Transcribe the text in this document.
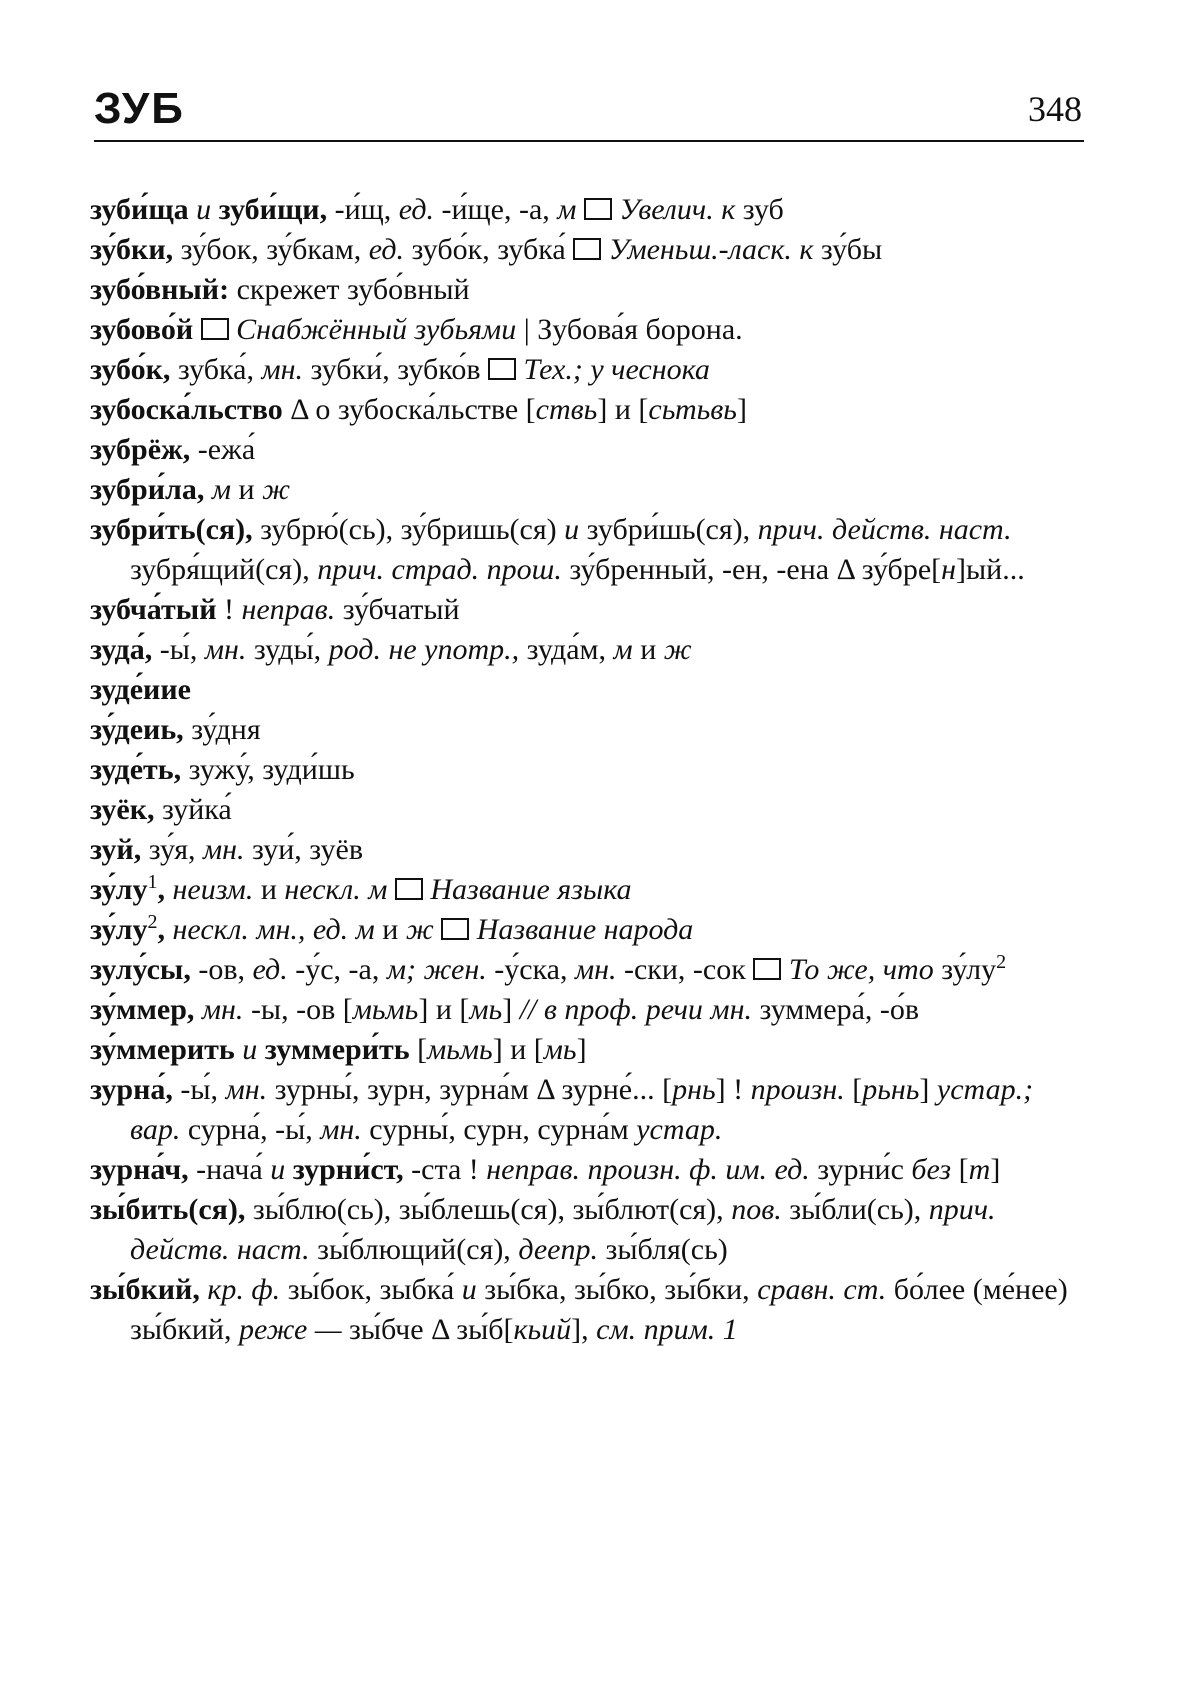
ЗУБ	348
зуби́ща и зуби́щи, -и́щ, ед. -и́ще, -а, м  Увелич. к зуб
зу́бки, зу́бок, зу́бкам, ед. зубо́к, зубка́  Уменьш.-ласк. к зу́бы
зубо́вный: скрежет зубо́вный
зубово́й  Снабжённый зубьями | Зубова́я борона.
зубо́к, зубка́, мн. зубки́, зубко́в  Тех.; у чеснока
зубоска́льство Δ о зубоска́льстве [ствь] и [сьтьвь]
зубрёж, -ежа́
зубри́ла, м и ж
зубри́ть(ся), зубрю́(сь), зу́бришь(ся) и зубри́шь(ся), прич. действ. наст. зубря́щий(ся), прич. страд. прош. зу́бренный, -ен, -ена Δ зу́бре[н]ый...
зубча́тый ! неправ. зу́бчатый
зуда́, -ы́, мн. зуды́, род. не употр., зуда́м, м и ж
зуде́иие
зу́деиь, зу́дня
зуде́ть, зужу́, зуди́шь
зуёк, зуйка́
зуй, зу́я, мн. зуи́, зуёв
$зу́лу^1$, неизм. и нескл. м  Название языка
$зу́лу^2$, нескл. мн., ед. м и ж  Название народа
зулу́сы, -ов, ед. -у́с, -а, м; жен. -у́ска, мн. -ски, -сок  То же, что $зу́лу^2$
зу́ммер, мн. -ы, -ов [мьмь] и [мь] // в проф. речи мн. зуммера́, -о́в
зу́ммерить и зуммери́ть [мьмь] и [мь]
зурна́, -ы́, мн. зурны́, зурн, зурна́м Δ зурне́... [рнь] ! произн. [рьнь] устар.; вар. сурна́, -ы́, мн. сурны́, сурн, сурна́м устар.
зурна́ч, -нача́ и зурни́ст, -ста ! неправ. произн. ф. им. ед. зурни́с без [т]
зы́бить(ся), зы́блю(сь), зы́блешь(ся), зы́блют(ся), пов. зы́бли(сь), прич. действ. наст. зы́блющий(ся), деепр. зы́бля(сь)
зы́бкий, кр. ф. зы́бок, зыбка́ и зы́бка, зы́бко, зы́бки, сравн. ст. бо́лее (ме́нее) зы́бкий, реже — зы́бче Δ зы́б[кьий], см. прим. 1
